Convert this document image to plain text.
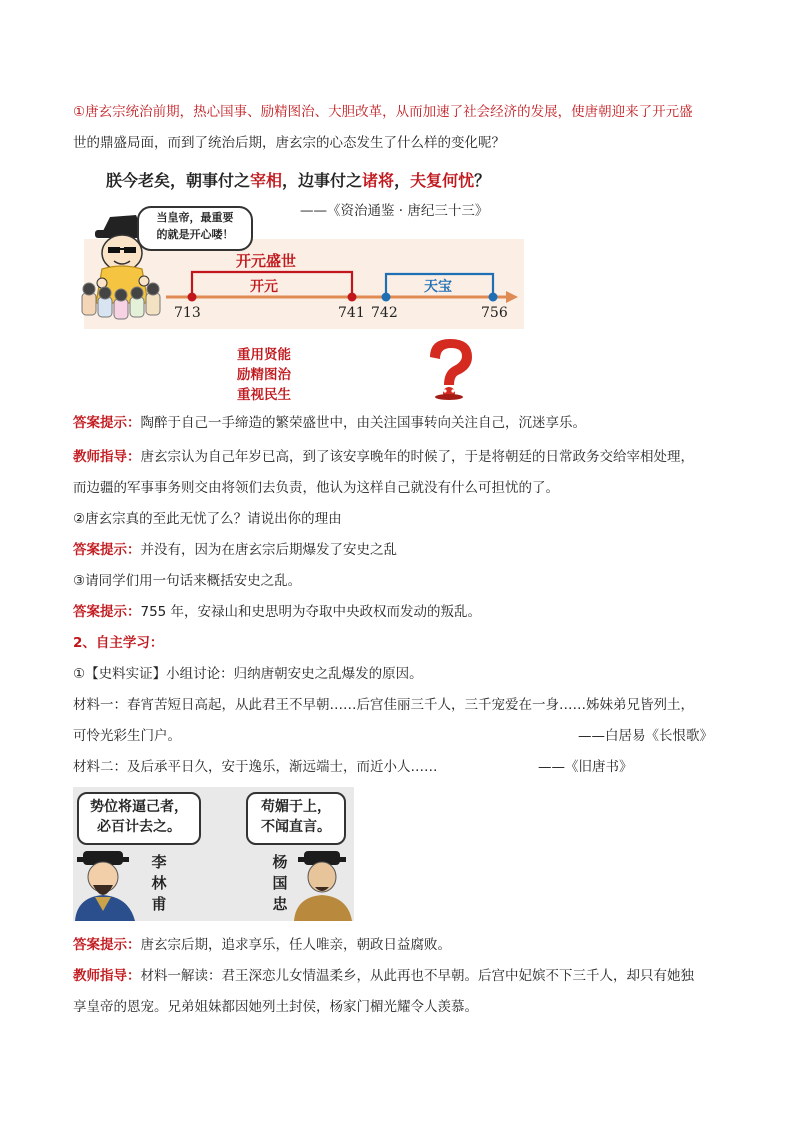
①唐玄宗统治前期，热心国事、励精图治、大胆改革，从而加速了社会经济的发展，使唐朝迎来了开元盛
世的鼎盛局面，而到了统治后期，唐玄宗的心态发生了什么样的变化呢？
朕今老矣，朝事付之宰相，边事付之诸将，夫复何忧？
——《资治通鉴 · 唐纪三十三》
当皇帝，最重要
的就是开心喽！
开元盛世
开元	天宝
713	741 742	756
重用贤能
励精图治
重视民生
答案提示：陶醉于自己一手缔造的繁荣盛世中，由关注国事转向关注自己，沉迷享乐。
教师指导：唐玄宗认为自己年岁已高，到了该安享晚年的时候了，于是将朝廷的日常政务交给宰相处理，
而边疆的军事事务则交由将领们去负责，他认为这样自己就没有什么可担忧的了。
②唐玄宗真的至此无忧了么？请说出你的理由
答案提示：并没有，因为在唐玄宗后期爆发了安史之乱
③请同学们用一句话来概括安史之乱。
答案提示：755 年，安禄山和史思明为夺取中央政权而发动的叛乱。
2、自主学习：
①【史料实证】小组讨论：归纳唐朝安史之乱爆发的原因。
材料一：春宵苦短日高起，从此君王不早朝……后宫佳丽三千人，三千宠爱在一身……姊妹弟兄皆列土，
可怜光彩生门户。	——白居易《长恨歌》
材料二：及后承平日久，安于逸乐，渐远端士，而近小人……	——《旧唐书》
势位将逼己者，
必百计去之。
苟媚于上，
不闻直言。
李
林
甫
杨
国
忠
答案提示：唐玄宗后期，追求享乐，任人唯亲，朝政日益腐败。
教师指导：材料一解读：君王深恋儿女情温柔乡，从此再也不早朝。后宫中妃嫔不下三千人，却只有她独
享皇帝的恩宠。兄弟姐妹都因她列土封侯，杨家门楣光耀令人羡慕。
